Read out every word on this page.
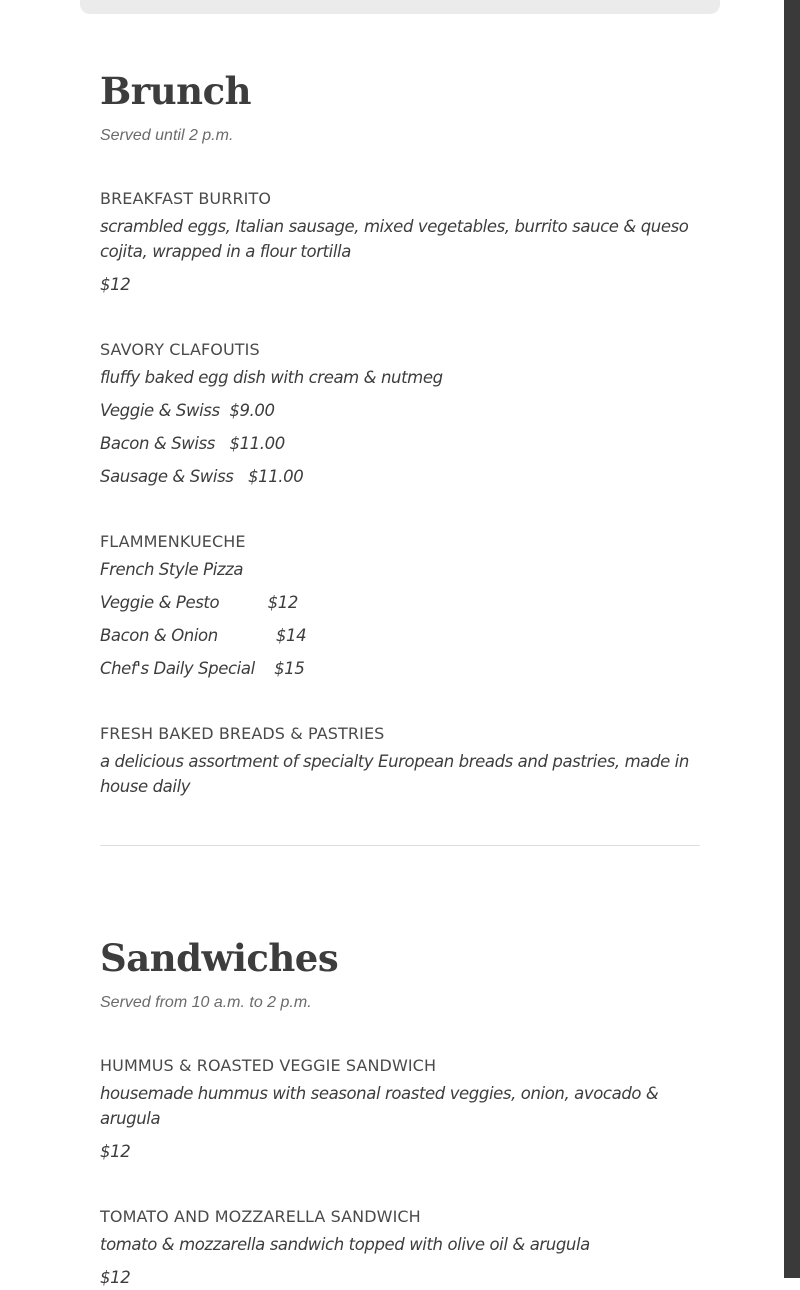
Brunch
Served until 2 p.m.
BREAKFAST BURRITO
scrambled eggs, Italian sausage, mixed vegetables, burrito sauce & queso cojita, wrapped in a flour tortilla
$12
SAVORY CLAFOUTIS
fluffy baked egg dish with cream & nutmeg
Veggie & Swiss  $9.00
Bacon & Swiss   $11.00
Sausage & Swiss   $11.00
FLAMMENKUECHE
French Style Pizza
Veggie & Pesto          $12
Bacon & Onion            $14
Chef's Daily Special    $15
FRESH BAKED BREADS & PASTRIES
a delicious assortment of specialty European breads and pastries, made in house daily
Sandwiches
Served from 10 a.m. to 2 p.m.
HUMMUS & ROASTED VEGGIE SANDWICH
housemade hummus with seasonal roasted veggies, onion, avocado & arugula
$12
TOMATO AND MOZZARELLA SANDWICH
tomato & mozzarella sandwich topped with olive oil & arugula
$12
